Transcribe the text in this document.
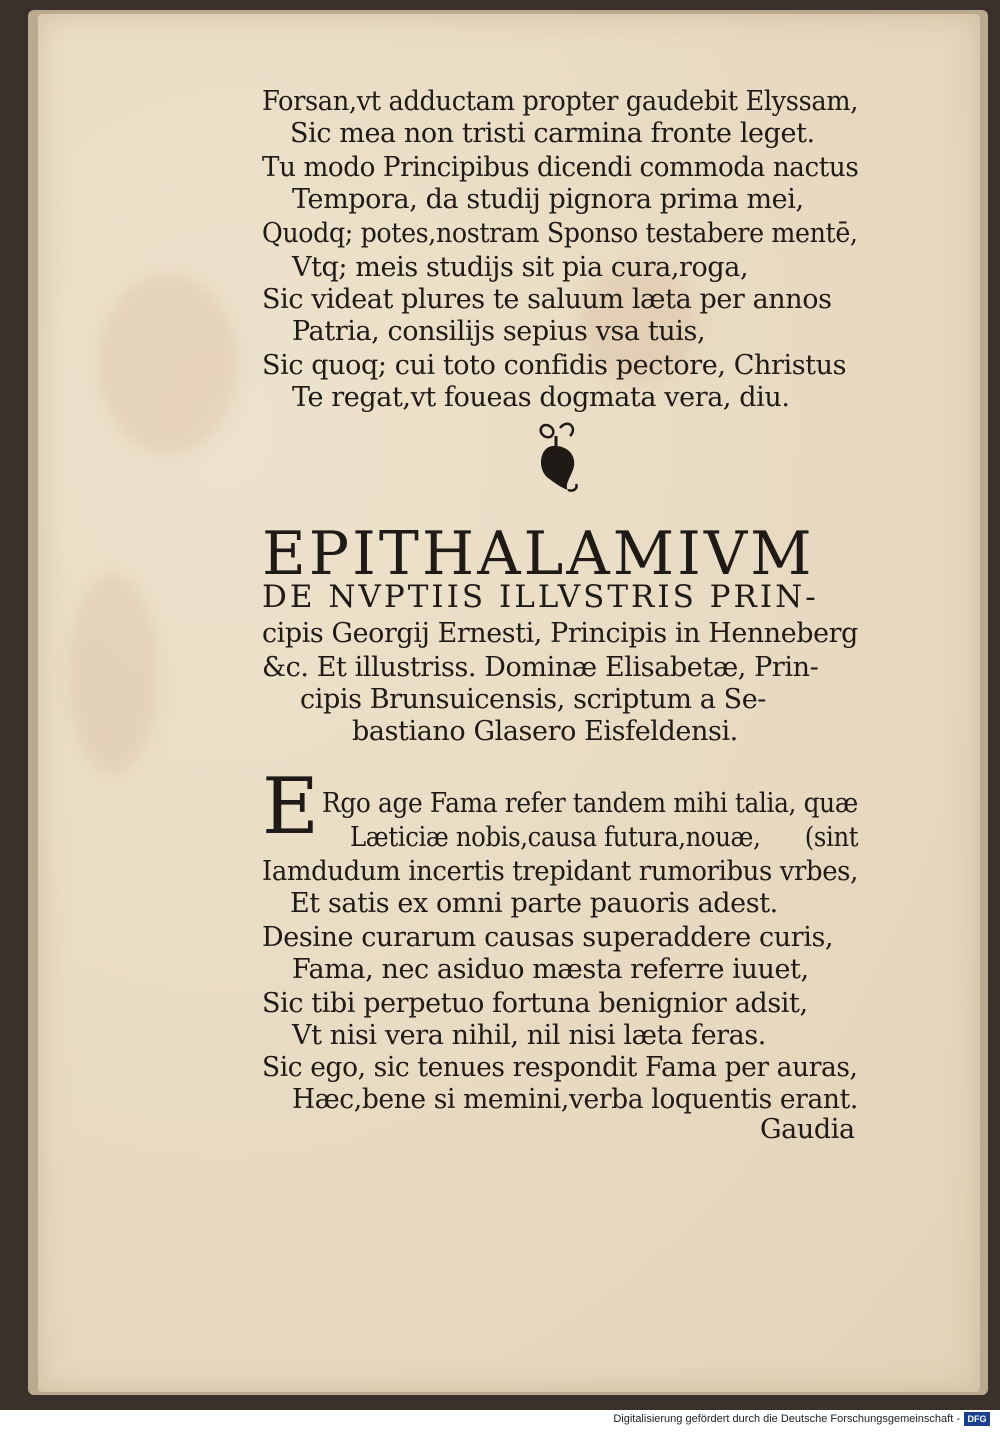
Forsan,vt adductam propter gaudebit Elyssam,
Sic mea non tristi carmina fronte leget.
Tu modo Principibus dicendi commoda nactus
Tempora, da studij pignora prima mei,
Quodq; potes,nostram Sponso testabere mentē,
Vtq; meis studijs sit pia cura,roga,
Sic videat plures te saluum læta per annos
Patria, consilijs sepius vsa tuis,
Sic quoq; cui toto confidis pectore, Christus
Te regat,vt foueas dogmata vera, diu.
EPITHALAMIVM
DE NVPTIIS ILLVSTRIS PRIN-
cipis Georgij Ernesti, Principis in Henneberg
&c. Et illustriss. Dominæ Elisabetæ, Prin-
cipis Brunsuicensis, scriptum a Se-
bastiano Glasero Eisfeldensi.
E Rgo age Fama refer tandem mihi talia, quæ
Læticiæ nobis,causa futura,nouæ,      (sint
Iamdudum incertis trepidant rumoribus vrbes,
Et satis ex omni parte pauoris adest.
Desine curarum causas superaddere curis,
Fama, nec asiduo mæsta referre iuuet,
Sic tibi perpetuo fortuna benignior adsit,
Vt nisi vera nihil, nil nisi læta feras.
Sic ego, sic tenues respondit Fama per auras,
Hæc,bene si memini,verba loquentis erant.
Gaudia
Digitalisierung gefördert durch die Deutsche Forschungsgemeinschaft - DFG
